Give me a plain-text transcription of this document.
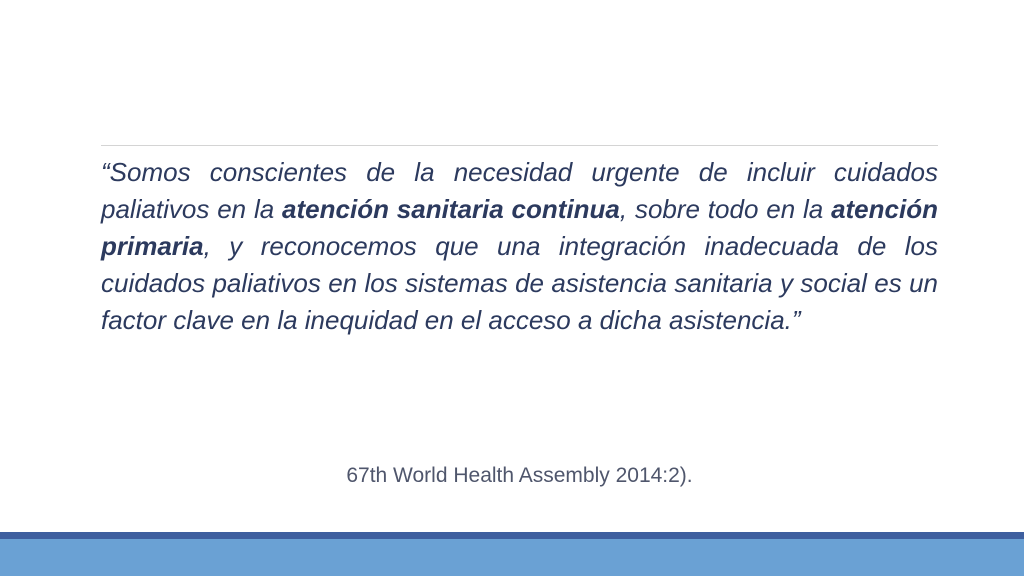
“Somos conscientes de la necesidad urgente de incluir cuidados paliativos en la atención sanitaria continua, sobre todo en la atención primaria, y reconocemos que una integración inadecuada de los cuidados paliativos en los sistemas de asistencia sanitaria y social es un factor clave en la inequidad en el acceso a dicha asistencia.”

67th World Health Assembly 2014:2).
